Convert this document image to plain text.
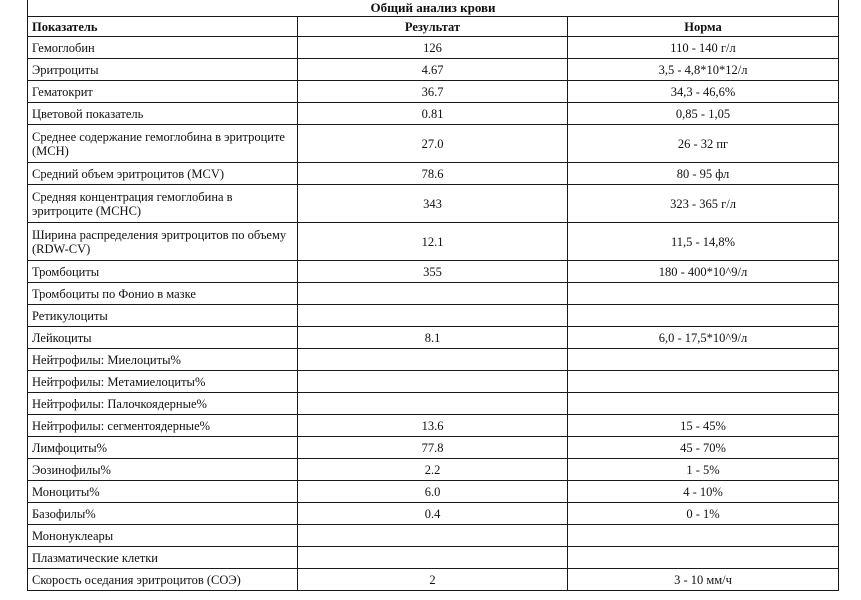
Общий анализ крови		
Показатель	Результат	Норма
Гемоглобин	126	110 - 140 г/л
Эритроциты	4.67	3,5 - 4,8*10*12/л
Гематокрит	36.7	34,3 - 46,6%
Цветовой показатель	0.81	0,85 - 1,05
Среднее содержание гемоглобина в эритроците (МСН)	27.0	26 - 32 пг
Средний объем эритроцитов (MCV)	78.6	80 - 95 фл
Средняя концентрация гемоглобина в эритроците (МСНС)	343	323 - 365 г/л
Ширина распределения эритроцитов по объему (RDW-CV)	12.1	11,5 - 14,8%
Тромбоциты	355	180 - 400*10^9/л
Тромбоциты по Фонио в мазке		
Ретикулоциты		
Лейкоциты	8.1	6,0 - 17,5*10^9/л
Нейтрофилы: Миелоциты%		
Нейтрофилы: Метамиелоциты%		
Нейтрофилы: Палочкоядерные%		
Нейтрофилы: сегментоядерные%	13.6	15 - 45%
Лимфоциты%	77.8	45 - 70%
Эозинофилы%	2.2	1 - 5%
Моноциты%	6.0	4 - 10%
Базофилы%	0.4	0 - 1%
Мононуклеары		
Плазматические клетки		
Скорость оседания эритроцитов (СОЭ)	2	3 - 10 мм/ч
